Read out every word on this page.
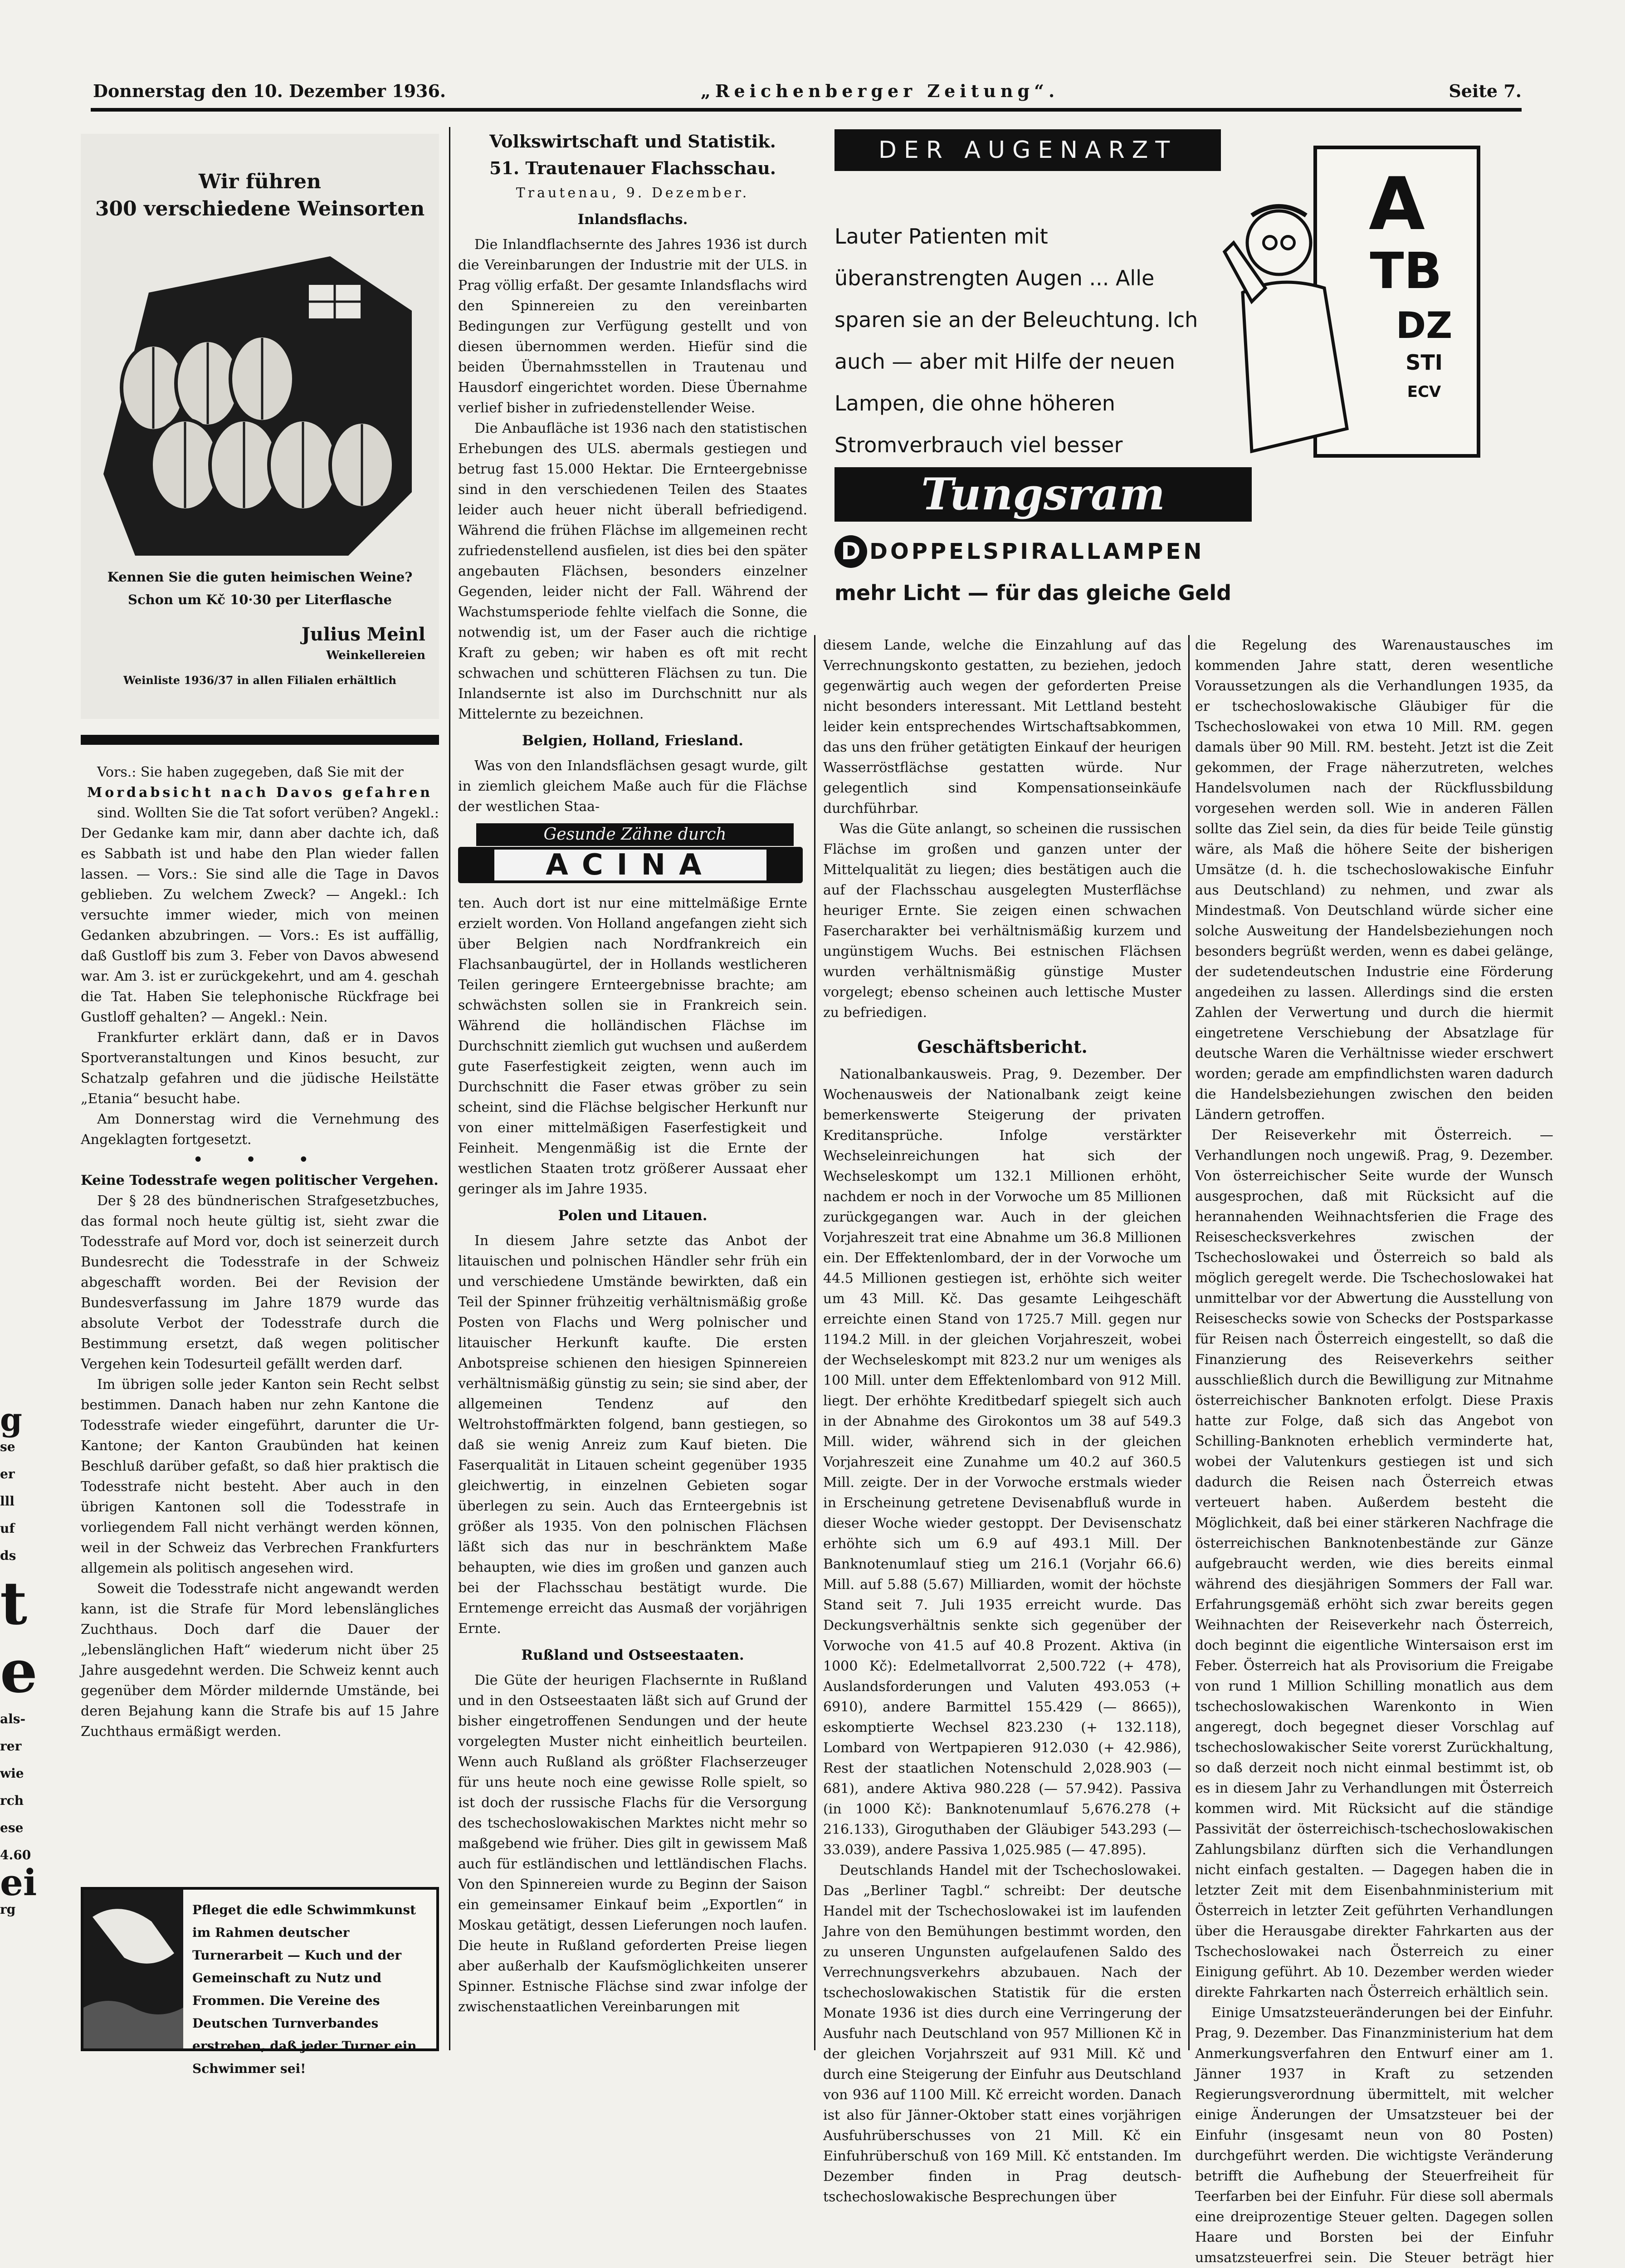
Donnerstag den 10. Dezember 1936.	„Reichenberger Zeitung“.	Seite 7.
g
se
er
lll
uf
ds
t
e
als-
rer
wie
rch
ese
4.60
ei
rg
Wir führen
300 verschiedene Weinsorten
Kennen Sie die guten heimischen Weine?
Schon um Kč 10·30 per Literflasche
Julius Meinl
Weinkellereien
Weinliste 1936/37 in allen Filialen erhältlich

Vors.: Sie haben zugegeben, daß Sie mit der

Mordabsicht nach Davos gefahren

sind. Wollten Sie die Tat sofort verüben? Angekl.: Der Gedanke kam mir, dann aber dachte ich, daß es Sabbath ist und habe den Plan wieder fallen lassen. — Vors.: Sie sind alle die Tage in Davos geblieben. Zu welchem Zweck? — Angekl.: Ich versuchte immer wieder, mich von meinen Gedanken abzubringen. — Vors.: Es ist auffällig, daß Gustloff bis zum 3. Feber von Davos abwesend war. Am 3. ist er zurückgekehrt, und am 4. geschah die Tat. Haben Sie telephonische Rückfrage bei Gustloff gehalten? — Angekl.: Nein.

Frankfurter erklärt dann, daß er in Davos Sportveranstaltungen und Kinos besucht, zur Schatzalp gefahren und die jüdische Heilstätte „Etania“ besucht habe.

Am Donnerstag wird die Vernehmung des Angeklagten fortgesetzt.

• • •

Keine Todesstrafe wegen politischer Vergehen.

Der § 28 des bündnerischen Strafgesetzbuches, das formal noch heute gültig ist, sieht zwar die Todesstrafe auf Mord vor, doch ist seinerzeit durch Bundesrecht die Todesstrafe in der Schweiz abgeschafft worden. Bei der Revision der Bundesverfassung im Jahre 1879 wurde das absolute Verbot der Todesstrafe durch die Bestimmung ersetzt, daß wegen politischer Vergehen kein Todesurteil gefällt werden darf.

Im übrigen solle jeder Kanton sein Recht selbst bestimmen. Danach haben nur zehn Kantone die Todesstrafe wieder eingeführt, darunter die Ur-Kantone; der Kanton Graubünden hat keinen Beschluß darüber gefaßt, so daß hier praktisch die Todesstrafe nicht besteht. Aber auch in den übrigen Kantonen soll die Todesstrafe in vorliegendem Fall nicht verhängt werden können, weil in der Schweiz das Verbrechen Frankfurters allgemein als politisch angesehen wird.

Soweit die Todesstrafe nicht angewandt werden kann, ist die Strafe für Mord lebenslängliches Zuchthaus. Doch darf die Dauer der „lebenslänglichen Haft“ wiederum nicht über 25 Jahre ausgedehnt werden. Die Schweiz kennt auch gegenüber dem Mörder mildernde Umstände, bei deren Bejahung kann die Strafe bis auf 15 Jahre Zuchthaus ermäßigt werden.

Pfleget die edle Schwimmkunst im Rahmen deutscher Turnerarbeit — Kuch und der Gemeinschaft zu Nutz und Frommen. Die Vereine des Deutschen Turnverbandes erstreben, daß jeder Turner ein Schwimmer sei!
Volkswirtschaft und Statistik.
51. Trautenauer Flachsschau.

Trautenau, 9. Dezember.

Inlandsflachs.

Die Inlandflachsernte des Jahres 1936 ist durch die Vereinbarungen der Industrie mit der ULS. in Prag völlig erfaßt. Der gesamte Inlandsflachs wird den Spinnereien zu den vereinbarten Bedingungen zur Verfügung gestellt und von diesen übernommen werden. Hiefür sind die beiden Übernahmsstellen in Trautenau und Hausdorf eingerichtet worden. Diese Übernahme verlief bisher in zufriedenstellender Weise.

Die Anbaufläche ist 1936 nach den statistischen Erhebungen des ULS. abermals gestiegen und betrug fast 15.000 Hektar. Die Ernteergebnisse sind in den verschiedenen Teilen des Staates leider auch heuer nicht überall befriedigend. Während die frühen Flächse im allgemeinen recht zufriedenstellend ausfielen, ist dies bei den später angebauten Flächsen, besonders einzelner Gegenden, leider nicht der Fall. Während der Wachstumsperiode fehlte vielfach die Sonne, die notwendig ist, um der Faser auch die richtige Kraft zu geben; wir haben es oft mit recht schwachen und schütteren Flächsen zu tun. Die Inlandsernte ist also im Durchschnitt nur als Mittelernte zu bezeichnen.

Belgien, Holland, Friesland.

Was von den Inlandsflächsen gesagt wurde, gilt in ziemlich gleichem Maße auch für die Flächse der westlichen Staa-

Gesunde Zähne durch
ACINA

ten. Auch dort ist nur eine mittelmäßige Ernte erzielt worden. Von Holland angefangen zieht sich über Belgien nach Nordfrankreich ein Flachsanbaugürtel, der in Hollands westlicheren Teilen geringere Ernteergebnisse brachte; am schwächsten sollen sie in Frankreich sein. Während die holländischen Flächse im Durchschnitt ziemlich gut wuchsen und außerdem gute Faserfestigkeit zeigten, wenn auch im Durchschnitt die Faser etwas gröber zu sein scheint, sind die Flächse belgischer Herkunft nur von einer mittelmäßigen Faserfestigkeit und Feinheit. Mengenmäßig ist die Ernte der westlichen Staaten trotz größerer Aussaat eher geringer als im Jahre 1935.

Polen und Litauen.

In diesem Jahre setzte das Anbot der litauischen und polnischen Händler sehr früh ein und verschiedene Umstände bewirkten, daß ein Teil der Spinner frühzeitig verhältnismäßig große Posten von Flachs und Werg polnischer und litauischer Herkunft kaufte. Die ersten Anbotspreise schienen den hiesigen Spinnereien verhältnismäßig günstig zu sein; sie sind aber, der allgemeinen Tendenz auf den Weltrohstoffmärkten folgend, bann gestiegen, so daß sie wenig Anreiz zum Kauf bieten. Die Faserqualität in Litauen scheint gegenüber 1935 gleichwertig, in einzelnen Gebieten sogar überlegen zu sein. Auch das Ernteergebnis ist größer als 1935. Von den polnischen Flächsen läßt sich das nur in beschränktem Maße behaupten, wie dies im großen und ganzen auch bei der Flachsschau bestätigt wurde. Die Erntemenge erreicht das Ausmaß der vorjährigen Ernte.

Rußland und Ostseestaaten.

Die Güte der heurigen Flachsernte in Rußland und in den Ostseestaaten läßt sich auf Grund der bisher eingetroffenen Sendungen und der heute vorgelegten Muster nicht einheitlich beurteilen. Wenn auch Rußland als größter Flachserzeuger für uns heute noch eine gewisse Rolle spielt, so ist doch der russische Flachs für die Versorgung des tschechoslowakischen Marktes nicht mehr so maßgebend wie früher. Dies gilt in gewissem Maß auch für estländischen und lettländischen Flachs. Von den Spinnereien wurde zu Beginn der Saison ein gemeinsamer Einkauf beim „Exportlen“ in Moskau getätigt, dessen Lieferungen noch laufen. Die heute in Rußland geforderten Preise liegen aber außerhalb der Kaufsmöglichkeiten unserer Spinner. Estnische Flächse sind zwar infolge der zwischenstaatlichen Vereinbarungen mit

DER AUGENARZT
Lauter Patienten mit überanstrengten Augen ... Alle sparen sie an der Beleuchtung. Ich auch — aber mit Hilfe der neuen Lampen, die ohne höheren Stromverbrauch viel besser
A
TB
DZ
STI
ECV
Tungsram
D DOPPELSPIRALLAMPEN
mehr Licht — für das gleiche Geld

diesem Lande, welche die Einzahlung auf das Verrechnungskonto gestatten, zu beziehen, jedoch gegenwärtig auch wegen der geforderten Preise nicht besonders interessant. Mit Lettland besteht leider kein entsprechendes Wirtschaftsabkommen, das uns den früher getätigten Einkauf der heurigen Wasserröstflächse gestatten würde. Nur gelegentlich sind Kompensationseinkäufe durchführbar.

Was die Güte anlangt, so scheinen die russischen Flächse im großen und ganzen unter der Mittelqualität zu liegen; dies bestätigen auch die auf der Flachsschau ausgelegten Musterflächse heuriger Ernte. Sie zeigen einen schwachen Fasercharakter bei verhältnismäßig kurzem und ungünstigem Wuchs. Bei estnischen Flächsen wurden verhältnismäßig günstige Muster vorgelegt; ebenso scheinen auch lettische Muster zu befriedigen.

Geschäftsbericht.

Nationalbankausweis. Prag, 9. Dezember. Der Wochenausweis der Nationalbank zeigt keine bemerkenswerte Steigerung der privaten Kreditansprüche. Infolge verstärkter Wechseleinreichungen hat sich der Wechseleskompt um 132.1 Millionen erhöht, nachdem er noch in der Vorwoche um 85 Millionen zurückgegangen war. Auch in der gleichen Vorjahreszeit trat eine Abnahme um 36.8 Millionen ein. Der Effektenlombard, der in der Vorwoche um 44.5 Millionen gestiegen ist, erhöhte sich weiter um 43 Mill. Kč. Das gesamte Leihgeschäft erreichte einen Stand von 1725.7 Mill. gegen nur 1194.2 Mill. in der gleichen Vorjahreszeit, wobei der Wechseleskompt mit 823.2 nur um weniges als 100 Mill. unter dem Effektenlombard von 912 Mill. liegt. Der erhöhte Kreditbedarf spiegelt sich auch in der Abnahme des Girokontos um 38 auf 549.3 Mill. wider, während sich in der gleichen Vorjahreszeit eine Zunahme um 40.2 auf 360.5 Mill. zeigte. Der in der Vorwoche erstmals wieder in Erscheinung getretene Devisenabfluß wurde in dieser Woche wieder gestoppt. Der Devisenschatz erhöhte sich um 6.9 auf 493.1 Mill. Der Banknotenumlauf stieg um 216.1 (Vorjahr 66.6) Mill. auf 5.88 (5.67) Milliarden, womit der höchste Stand seit 7. Juli 1935 erreicht wurde. Das Deckungsverhältnis senkte sich gegenüber der Vorwoche von 41.5 auf 40.8 Prozent. Aktiva (in 1000 Kč): Edelmetallvorrat 2,500.722 (+ 478), Auslandsforderungen und Valuten 493.053 (+ 6910), andere Barmittel 155.429 (— 8665)), eskomptierte Wechsel 823.230 (+ 132.118), Lombard von Wertpapieren 912.030 (+ 42.986), Rest der staatlichen Notenschuld 2,028.903 (— 681), andere Aktiva 980.228 (— 57.942). Passiva (in 1000 Kč): Banknotenumlauf 5,676.278 (+ 216.133), Giroguthaben der Gläubiger 543.293 (— 33.039), andere Passiva 1,025.985 (— 47.895).

Deutschlands Handel mit der Tschechoslowakei. Das „Berliner Tagbl.“ schreibt: Der deutsche Handel mit der Tschechoslowakei ist im laufenden Jahre von den Bemühungen bestimmt worden, den zu unseren Ungunsten aufgelaufenen Saldo des Verrechnungsverkehrs abzubauen. Nach der tschechoslowakischen Statistik für die ersten Monate 1936 ist dies durch eine Verringerung der Ausfuhr nach Deutschland von 957 Millionen Kč in der gleichen Vorjahrszeit auf 931 Mill. Kč und durch eine Steigerung der Einfuhr aus Deutschland von 936 auf 1100 Mill. Kč erreicht worden. Danach ist also für Jänner-Oktober statt eines vorjährigen Ausfuhrüberschusses von 21 Mill. Kč ein Einfuhrüberschuß von 169 Mill. Kč entstanden. Im Dezember finden in Prag deutsch-tschechoslowakische Besprechungen über

die Regelung des Warenaustausches im kommenden Jahre statt, deren wesentliche Voraussetzungen als die Verhandlungen 1935, da er tschechoslowakische Gläubiger für die Tschechoslowakei von etwa 10 Mill. RM. gegen damals über 90 Mill. RM. besteht. Jetzt ist die Zeit gekommen, der Frage näherzutreten, welches Handelsvolumen nach der Rückflussbildung vorgesehen werden soll. Wie in anderen Fällen sollte das Ziel sein, da dies für beide Teile günstig wäre, als Maß die höhere Seite der bisherigen Umsätze (d. h. die tschechoslowakische Einfuhr aus Deutschland) zu nehmen, und zwar als Mindestmaß. Von Deutschland würde sicher eine solche Ausweitung der Handelsbeziehungen noch besonders begrüßt werden, wenn es dabei gelänge, der sudetendeutschen Industrie eine Förderung angedeihen zu lassen. Allerdings sind die ersten Zahlen der Verwertung und durch die hiermit eingetretene Verschiebung der Absatzlage für deutsche Waren die Verhältnisse wieder erschwert worden; gerade am empfindlichsten waren dadurch die Handelsbeziehungen zwischen den beiden Ländern getroffen.

Der Reiseverkehr mit Österreich. — Verhandlungen noch ungewiß. Prag, 9. Dezember. Von österreichischer Seite wurde der Wunsch ausgesprochen, daß mit Rücksicht auf die herannahenden Weihnachtsferien die Frage des Reiseschecksverkehres zwischen der Tschechoslowakei und Österreich so bald als möglich geregelt werde. Die Tschechoslowakei hat unmittelbar vor der Abwertung die Ausstellung von Reiseschecks sowie von Schecks der Postsparkasse für Reisen nach Österreich eingestellt, so daß die Finanzierung des Reiseverkehrs seither ausschließlich durch die Bewilligung zur Mitnahme österreichischer Banknoten erfolgt. Diese Praxis hatte zur Folge, daß sich das Angebot von Schilling-Banknoten erheblich verminderte hat, wobei der Valutenkurs gestiegen ist und sich dadurch die Reisen nach Österreich etwas verteuert haben. Außerdem besteht die Möglichkeit, daß bei einer stärkeren Nachfrage die österreichischen Banknotenbestände zur Gänze aufgebraucht werden, wie dies bereits einmal während des diesjährigen Sommers der Fall war. Erfahrungsgemäß erhöht sich zwar bereits gegen Weihnachten der Reiseverkehr nach Österreich, doch beginnt die eigentliche Wintersaison erst im Feber. Österreich hat als Provisorium die Freigabe von rund 1 Million Schilling monatlich aus dem tschechoslowakischen Warenkonto in Wien angeregt, doch begegnet dieser Vorschlag auf tschechoslowakischer Seite vorerst Zurückhaltung, so daß derzeit noch nicht einmal bestimmt ist, ob es in diesem Jahr zu Verhandlungen mit Österreich kommen wird. Mit Rücksicht auf die ständige Passivität der österreichisch-tschechoslowakischen Zahlungsbilanz dürften sich die Verhandlungen nicht einfach gestalten. — Dagegen haben die in letzter Zeit mit dem Eisenbahnministerium mit Österreich in letzter Zeit geführten Verhandlungen über die Herausgabe direkter Fahrkarten aus der Tschechoslowakei nach Österreich zu einer Einigung geführt. Ab 10. Dezember werden wieder direkte Fahrkarten nach Österreich erhältlich sein.

Einige Umsatzsteueränderungen bei der Einfuhr. Prag, 9. Dezember. Das Finanzministerium hat dem Anmerkungsverfahren den Entwurf einer am 1. Jänner 1937 in Kraft zu setzenden Regierungsverordnung übermittelt, mit welcher einige Änderungen der Umsatzsteuer bei der Einfuhr (insgesamt neun von 80 Posten) durchgeführt werden. Die wichtigste Veränderung betrifft die Aufhebung der Steuerfreiheit für Teerfarben bei der Einfuhr. Für diese soll abermals eine dreiprozentige Steuer gelten. Dagegen sollen Haare und Borsten bei der Einfuhr umsatzsteuerfrei sein. Die Steuer beträgt hier
